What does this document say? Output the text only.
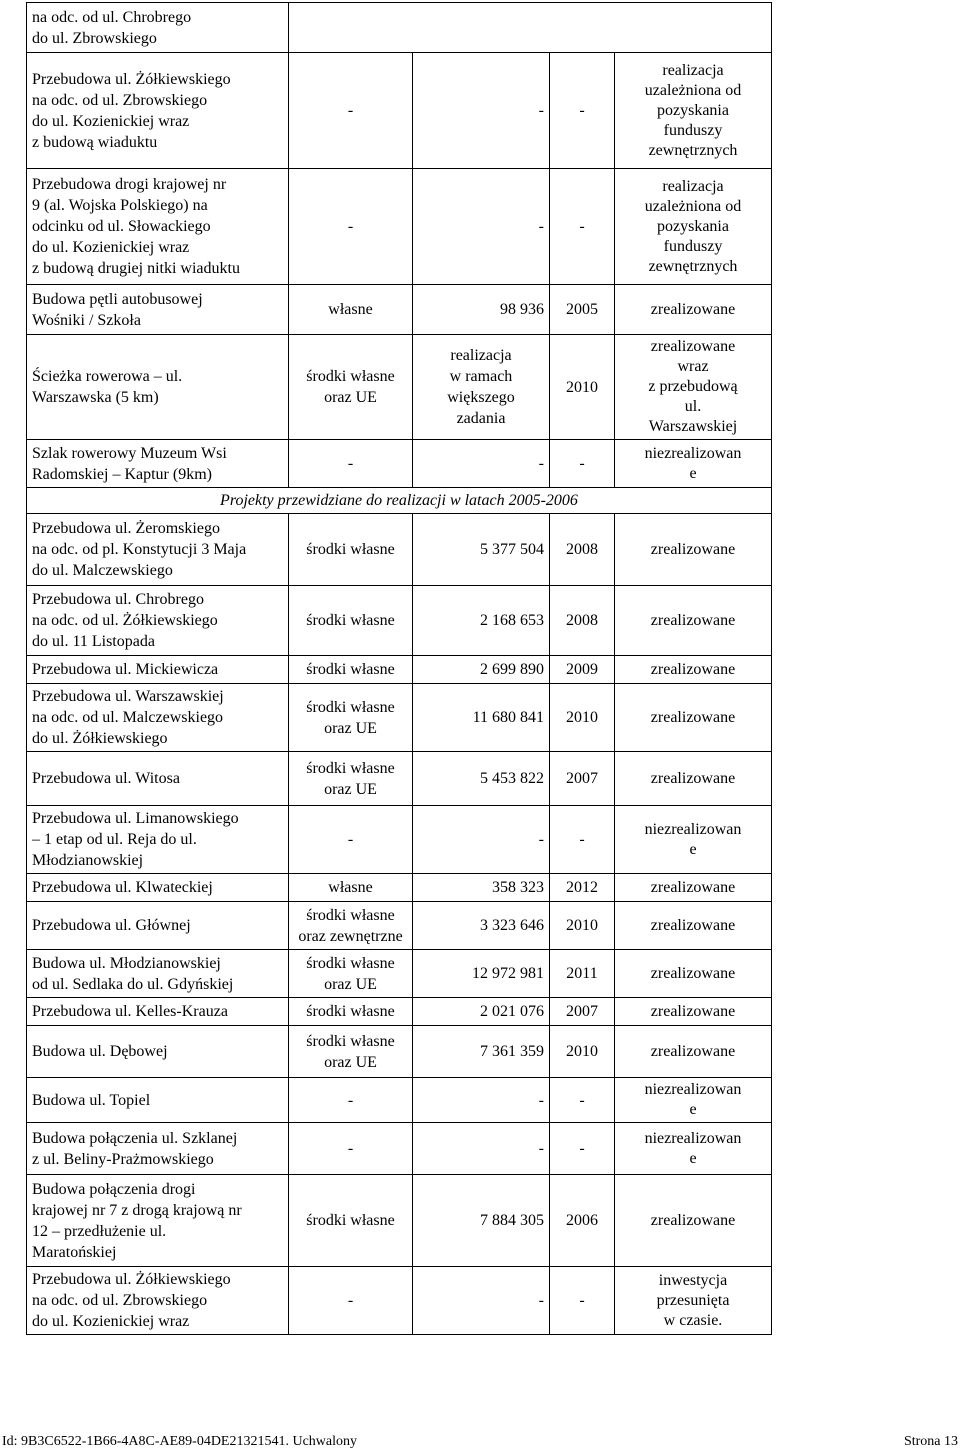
na odc. od ul. Chrobrego
do ul. Zbrowskiego				
Przebudowa ul. Żółkiewskiego
na odc. od ul. Zbrowskiego
do ul. Kozienickiej wraz
z budową wiaduktu	-	-	-	realizacja
uzależniona od
pozyskania
funduszy
zewnętrznych
Przebudowa drogi krajowej nr
9 (al. Wojska Polskiego) na
odcinku od ul. Słowackiego
do ul. Kozienickiej wraz
z budową drugiej nitki wiaduktu	-	-	-	realizacja
uzależniona od
pozyskania
funduszy
zewnętrznych
Budowa pętli autobusowej
Wośniki / Szkoła	własne	98 936	2005	zrealizowane
Ścieżka rowerowa – ul.
Warszawska (5 km)	środki własne
oraz UE	realizacja
w ramach
większego
zadania	2010	zrealizowane
wraz
z przebudową
ul.
Warszawskiej
Szlak rowerowy Muzeum Wsi
Radomskiej – Kaptur (9km)	-	-	-	niezrealizowan
e
Projekty przewidziane do realizacji w latach 2005-2006				
Przebudowa ul. Żeromskiego
na odc. od pl. Konstytucji 3 Maja
do ul. Malczewskiego	środki własne	5 377 504	2008	zrealizowane
Przebudowa ul. Chrobrego
na odc. od ul. Żółkiewskiego
do ul. 11 Listopada	środki własne	2 168 653	2008	zrealizowane
Przebudowa ul. Mickiewicza	środki własne	2 699 890	2009	zrealizowane
Przebudowa ul. Warszawskiej
na odc. od ul. Malczewskiego
do ul. Żółkiewskiego	środki własne
oraz UE	11 680 841	2010	zrealizowane
Przebudowa ul. Witosa	środki własne
oraz UE	5 453 822	2007	zrealizowane
Przebudowa ul. Limanowskiego
– 1 etap od ul. Reja do ul.
Młodzianowskiej	-	-	-	niezrealizowan
e
Przebudowa ul. Klwateckiej	własne	358 323	2012	zrealizowane
Przebudowa ul. Głównej	środki własne
oraz zewnętrzne	3 323 646	2010	zrealizowane
Budowa ul. Młodzianowskiej
od ul. Sedlaka do ul. Gdyńskiej	środki własne
oraz UE	12 972 981	2011	zrealizowane
Przebudowa ul. Kelles-Krauza	środki własne	2 021 076	2007	zrealizowane
Budowa ul. Dębowej	środki własne
oraz UE	7 361 359	2010	zrealizowane
Budowa ul. Topiel	-	-	-	niezrealizowan
e
Budowa połączenia ul. Szklanej
z ul. Beliny-Prażmowskiego	-	-	-	niezrealizowan
e
Budowa połączenia drogi
krajowej nr 7 z drogą krajową nr
12 – przedłużenie ul.
Maratońskiej	środki własne	7 884 305	2006	zrealizowane
Przebudowa ul. Żółkiewskiego
na odc. od ul. Zbrowskiego
do ul. Kozienickiej wraz	-	-	-	inwestycja
przesunięta
w czasie.
Id: 9B3C6522-1B66-4A8C-AE89-04DE21321541. Uchwalony	Strona 13
